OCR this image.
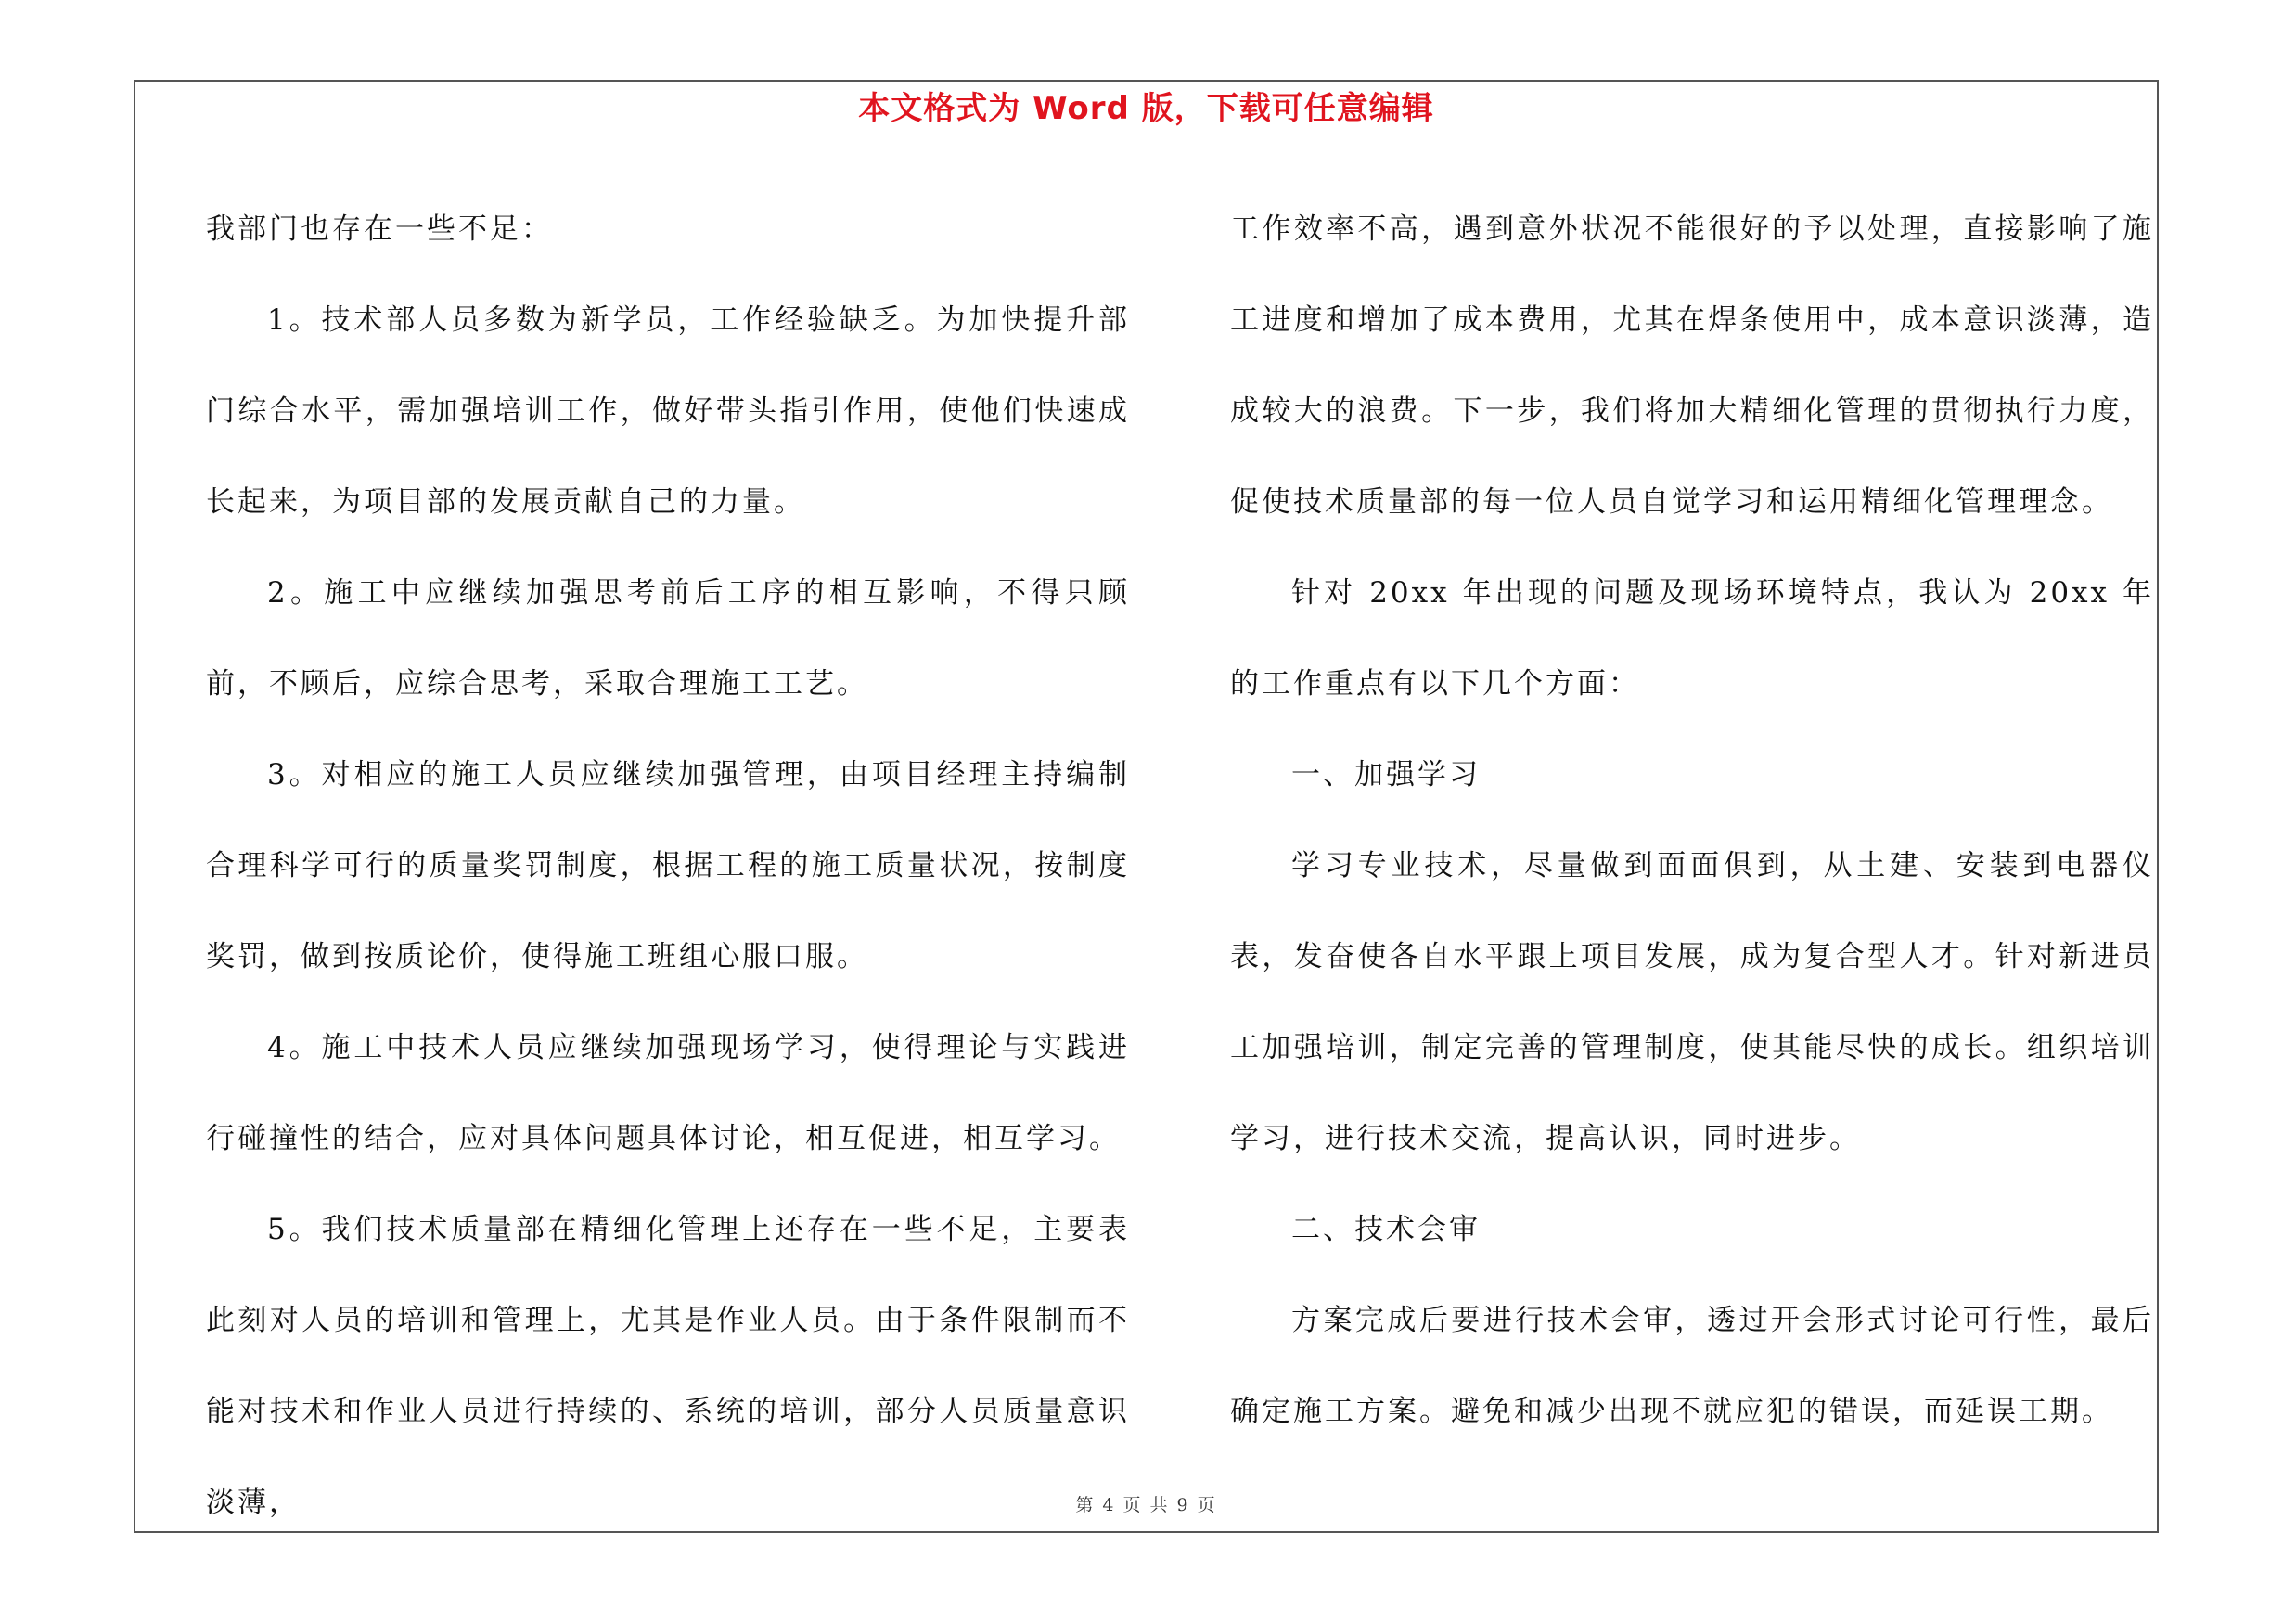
本文格式为 Word 版，下载可任意编辑

我部门也存在一些不足：

1。技术部人员多数为新学员，工作经验缺乏。为加快提升部门综合水平，需加强培训工作，做好带头指引作用，使他们快速成长起来，为项目部的发展贡献自己的力量。

2。施工中应继续加强思考前后工序的相互影响，不得只顾前，不顾后，应综合思考，采取合理施工工艺。

3。对相应的施工人员应继续加强管理，由项目经理主持编制合理科学可行的质量奖罚制度，根据工程的施工质量状况，按制度奖罚，做到按质论价，使得施工班组心服口服。

4。施工中技术人员应继续加强现场学习，使得理论与实践进行碰撞性的结合，应对具体问题具体讨论，相互促进，相互学习。

5。我们技术质量部在精细化管理上还存在一些不足，主要表此刻对人员的培训和管理上，尤其是作业人员。由于条件限制而不能对技术和作业人员进行持续的、系统的培训，部分人员质量意识淡薄，

工作效率不高，遇到意外状况不能很好的予以处理，直接影响了施工进度和增加了成本费用，尤其在焊条使用中，成本意识淡薄，造成较大的浪费。下一步，我们将加大精细化管理的贯彻执行力度，促使技术质量部的每一位人员自觉学习和运用精细化管理理念。

针对 20xx 年出现的问题及现场环境特点，我认为 20xx 年的工作重点有以下几个方面：

一、加强学习

学习专业技术，尽量做到面面俱到，从土建、安装到电器仪表，发奋使各自水平跟上项目发展，成为复合型人才。针对新进员工加强培训，制定完善的管理制度，使其能尽快的成长。组织培训学习，进行技术交流，提高认识，同时进步。

二、技术会审

方案完成后要进行技术会审，透过开会形式讨论可行性，最后确定施工方案。避免和减少出现不就应犯的错误，而延误工期。

第 4 页 共 9 页
